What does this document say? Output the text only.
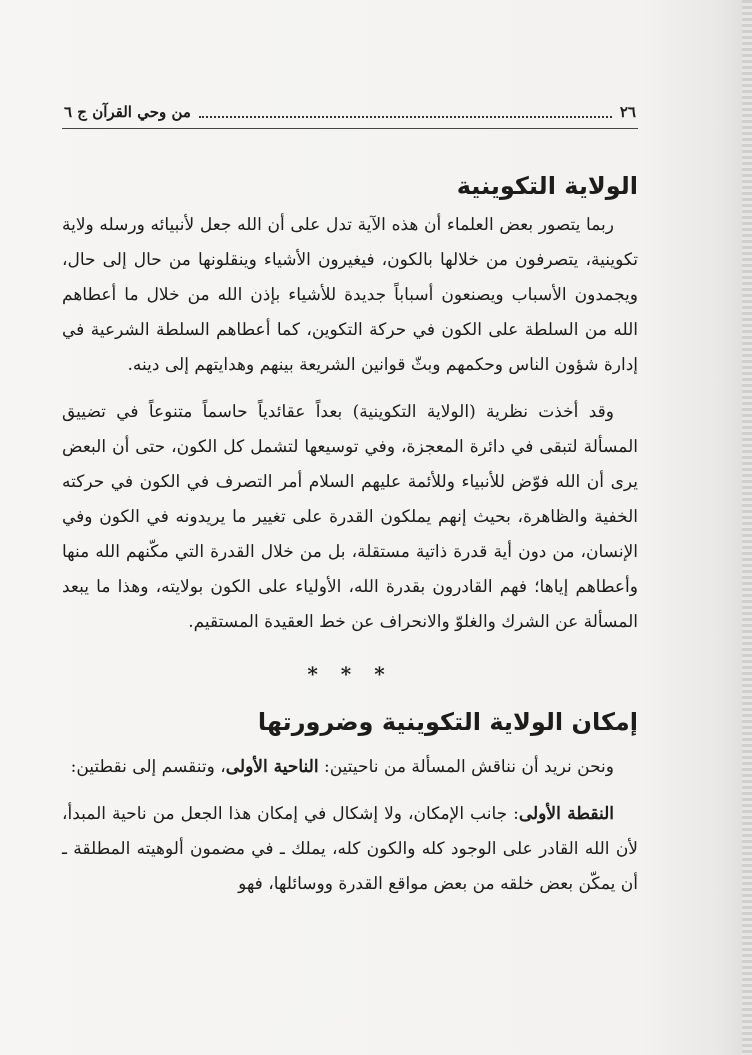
٢٦
من وحي القرآن ج ٦
الولاية التكوينية

ربما يتصور بعض العلماء أن هذه الآية تدل على أن الله جعل لأنبيائه ورسله ولاية تكوينية، يتصرفون من خلالها بالكون، فيغيرون الأشياء وينقلونها من حال إلى حال، ويجمدون الأسباب ويصنعون أسباباً جديدة للأشياء بإذن الله من خلال ما أعطاهم الله من السلطة على الكون في حركة التكوين، كما أعطاهم السلطة الشرعية في إدارة شؤون الناس وحكمهم وبثّ قوانين الشريعة بينهم وهدايتهم إلى دينه.

وقد أخذت نظرية (الولاية التكوينية) بعداً عقائدياً حاسماً متنوعاً في تضييق المسألة لتبقى في دائرة المعجزة، وفي توسيعها لتشمل كل الكون، حتى أن البعض يرى أن الله فوّض للأنبياء وللأئمة عليهم السلام أمر التصرف في الكون في حركته الخفية والظاهرة، بحيث إنهم يملكون القدرة على تغيير ما يريدونه في الكون وفي الإنسان، من دون أية قدرة ذاتية مستقلة، بل من خلال القدرة التي مكّنهم الله منها وأعطاهم إياها؛ فهم القادرون بقدرة الله، الأولياء على الكون بولايته، وهذا ما يبعد المسألة عن الشرك والغلوّ والانحراف عن خط العقيدة المستقيم.

* * *
إمكان الولاية التكوينية وضرورتها

ونحن نريد أن نناقش المسألة من ناحيتين: الناحية الأولى، وتنقسم إلى نقطتين:

النقطة الأولى: جانب الإمكان، ولا إشكال في إمكان هذا الجعل من ناحية المبدأ، لأن الله القادر على الوجود كله والكون كله، يملك ـ في مضمون ألوهيته المطلقة ـ أن يمكّن بعض خلقه من بعض مواقع القدرة ووسائلها، فهو
